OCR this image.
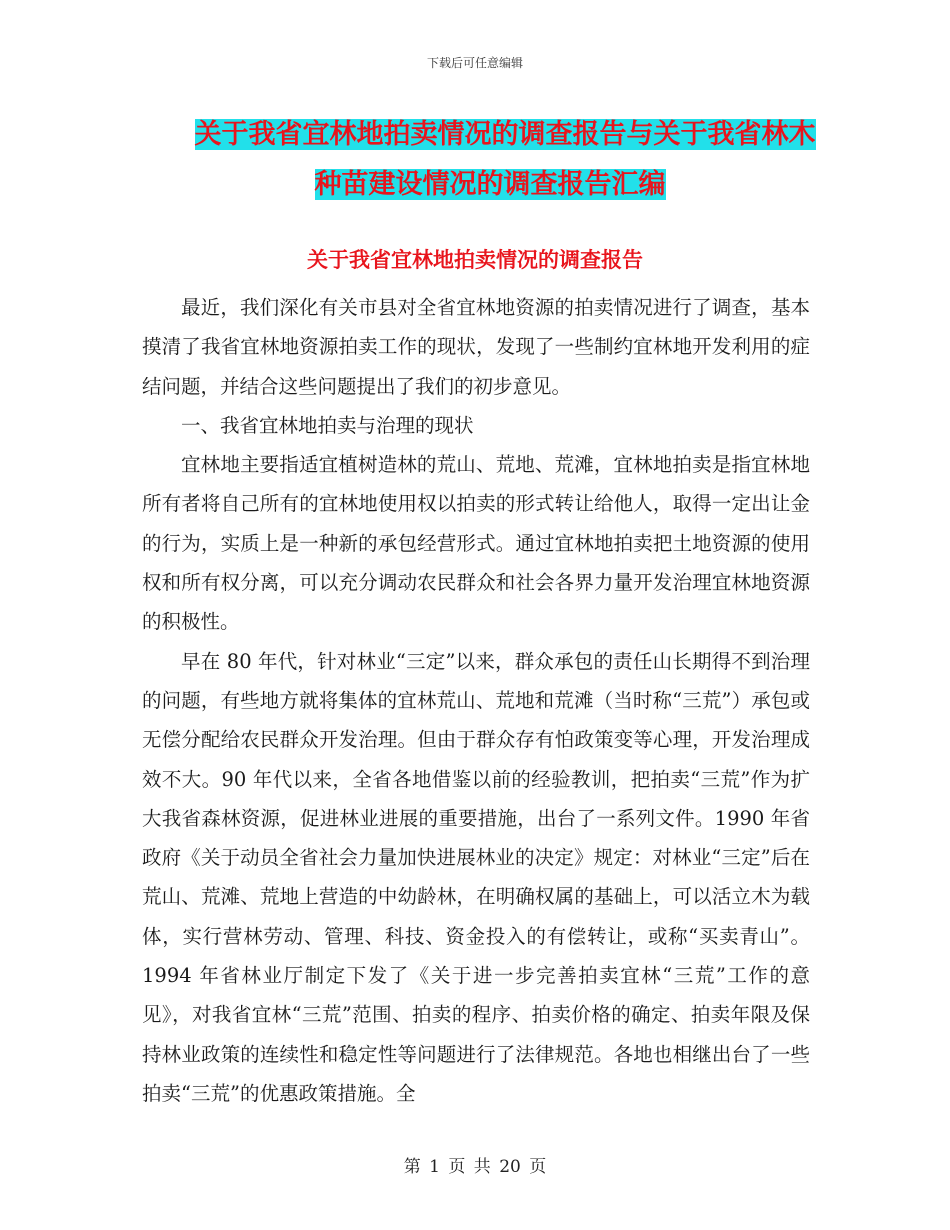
下载后可任意编辑
关于我省宜林地拍卖情况的调查报告与关于我省林木
种苗建设情况的调查报告汇编
关于我省宜林地拍卖情况的调查报告

最近，我们深化有关市县对全省宜林地资源的拍卖情况进行了调查，基本摸清了我省宜林地资源拍卖工作的现状，发现了一些制约宜林地开发利用的症结问题，并结合这些问题提出了我们的初步意见。

一、我省宜林地拍卖与治理的现状

宜林地主要指适宜植树造林的荒山、荒地、荒滩，宜林地拍卖是指宜林地所有者将自己所有的宜林地使用权以拍卖的形式转让给他人，取得一定出让金的行为，实质上是一种新的承包经营形式。通过宜林地拍卖把土地资源的使用权和所有权分离，可以充分调动农民群众和社会各界力量开发治理宜林地资源的积极性。

早在 80 年代，针对林业“三定”以来，群众承包的责任山长期得不到治理的问题，有些地方就将集体的宜林荒山、荒地和荒滩（当时称“三荒”）承包或无偿分配给农民群众开发治理。但由于群众存有怕政策变等心理，开发治理成效不大。90 年代以来，全省各地借鉴以前的经验教训，把拍卖“三荒”作为扩大我省森林资源，促进林业进展的重要措施，出台了一系列文件。1990 年省政府《关于动员全省社会力量加快进展林业的决定》规定：对林业“三定”后在荒山、荒滩、荒地上营造的中幼龄林，在明确权属的基础上，可以活立木为载体，实行营林劳动、管理、科技、资金投入的有偿转让，或称“买卖青山”。1994 年省林业厅制定下发了《关于进一步完善拍卖宜林“三荒”工作的意见》，对我省宜林“三荒”范围、拍卖的程序、拍卖价格的确定、拍卖年限及保持林业政策的连续性和稳定性等问题进行了法律规范。各地也相继出台了一些拍卖“三荒”的优惠政策措施。全

第 1 页 共 20 页
